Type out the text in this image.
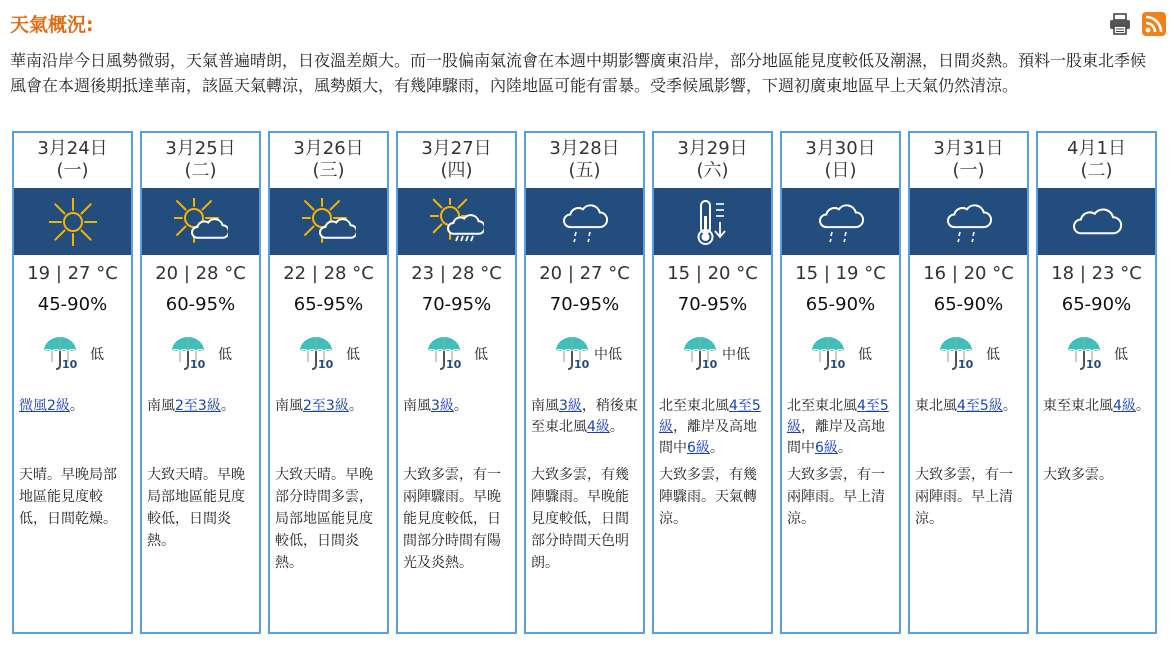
天氣概況:
華南沿岸今日風勢微弱，天氣普遍晴朗，日夜溫差頗大。而一股偏南氣流會在本週中期影響廣東沿岸，部分地區能見度較低及潮濕，日間炎熱。預料一股東北季候風會在本週後期抵達華南，該區天氣轉涼，風勢頗大，有幾陣驟雨，內陸地區可能有雷暴。受季候風影響，下週初廣東地區早上天氣仍然清涼。
3月24日
(一)
19 | 27 °C
45-90%
10
低
微風2級。
天晴。早晚局部地區能見度較低，日間乾燥。
3月25日
(二)
20 | 28 °C
60-95%
10
低
南風2至3級。
大致天晴。早晚局部地區能見度較低，日間炎熱。
3月26日
(三)
22 | 28 °C
65-95%
10
低
南風2至3級。
大致天晴。早晚部分時間多雲，局部地區能見度較低，日間炎熱。
3月27日
(四)
23 | 28 °C
70-95%
10
低
南風3級。
大致多雲，有一兩陣驟雨。早晚能見度較低，日間部分時間有陽光及炎熱。
3月28日
(五)
20 | 27 °C
70-95%
10
中低
南風3級，稍後東至東北風4級。
大致多雲，有幾陣驟雨。早晚能見度較低，日間部分時間天色明朗。
3月29日
(六)
15 | 20 °C
70-95%
10
中低
北至東北風4至5級，離岸及高地間中6級。
大致多雲，有幾陣驟雨。天氣轉涼。
3月30日
(日)
15 | 19 °C
65-90%
10
低
北至東北風4至5級，離岸及高地間中6級。
大致多雲，有一兩陣雨。早上清涼。
3月31日
(一)
16 | 20 °C
65-90%
10
低
東北風4至5級。
大致多雲，有一兩陣雨。早上清涼。
4月1日
(二)
18 | 23 °C
65-90%
10
低
東至東北風4級。
大致多雲。
